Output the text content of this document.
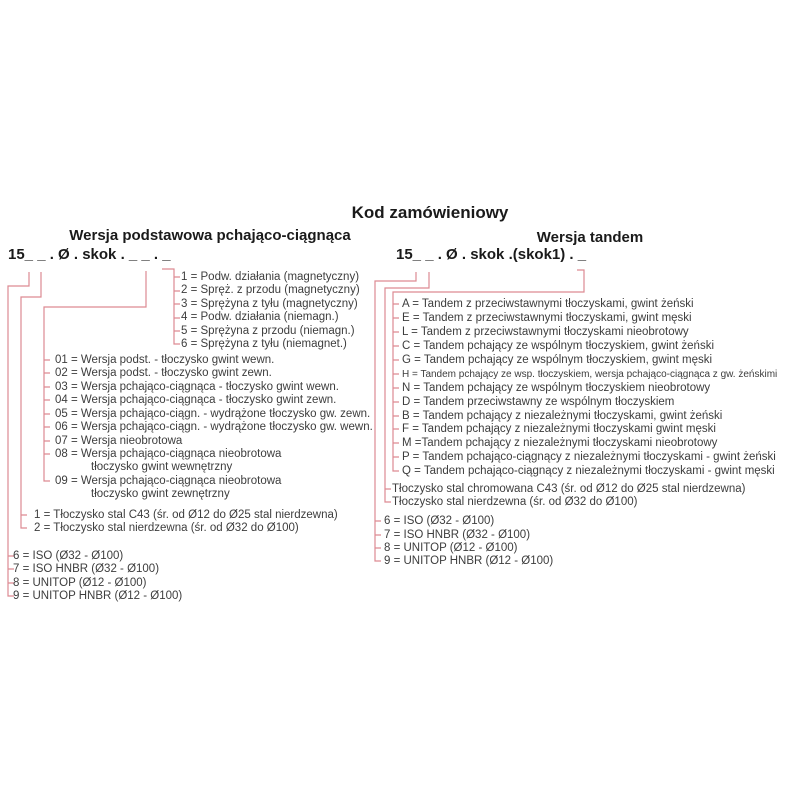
Kod zamówieniowy
Wersja podstawowa pchająco-ciągnąca	Wersja tandem
15_ _ . Ø . skok . _ _ . _	15_ _ . Ø . skok .(skok1) . _
1 = Podw. działania (magnetyczny)
2 = Spręż. z przodu (magnetyczny)
3 = Sprężyna z tyłu (magnetyczny)
4 = Podw. działania (niemagn.)
5 = Sprężyna z przodu (niemagn.)
6 = Sprężyna z tyłu (niemagnet.)
01 = Wersja podst. - tłoczysko gwint wewn.
02 = Wersja podst. - tłoczysko gwint zewn.
03 = Wersja pchająco-ciągnąca - tłoczysko gwint wewn.
04 = Wersja pchająco-ciągnąca - tłoczysko gwint zewn.
05 = Wersja pchająco-ciągn. - wydrążone tłoczysko gw. zewn.
06 = Wersja pchająco-ciągn. - wydrążone tłoczysko gw. wewn.
07 = Wersja nieobrotowa
08 = Wersja pchająco-ciągnąca nieobrotowa
tłoczysko gwint wewnętrzny
09 = Wersja pchająco-ciągnąca nieobrotowa
tłoczysko gwint zewnętrzny
1 = Tłoczysko stal C43 (śr. od Ø12 do Ø25 stal nierdzewna)
2 = Tłoczysko stal nierdzewna (śr. od Ø32 do Ø100)
6 = ISO (Ø32 - Ø100)
7 = ISO HNBR (Ø32 - Ø100)
8 = UNITOP (Ø12 - Ø100)
9 = UNITOP HNBR (Ø12 - Ø100)
A = Tandem z przeciwstawnymi tłoczyskami, gwint żeński
E = Tandem z przeciwstawnymi tłoczyskami, gwint męski
L = Tandem z przeciwstawnymi tłoczyskami nieobrotowy
C = Tandem pchający ze wspólnym tłoczyskiem, gwint żeński
G = Tandem pchający ze wspólnym tłoczyskiem, gwint męski
H = Tandem pchający ze wsp. tłoczyskiem, wersja pchająco-ciągnąca z gw. żeńskimi
N = Tandem pchający ze wspólnym tłoczyskiem nieobrotowy
D = Tandem przeciwstawny ze wspólnym tłoczyskiem
B = Tandem pchający z niezależnymi tłoczyskami, gwint żeński
F = Tandem pchający z niezależnymi tłoczyskami gwint męski
M =Tandem pchający z niezależnymi tłoczyskami nieobrotowy
P = Tandem pchająco-ciągnący z niezależnymi tłoczyskami - gwint żeński
Q = Tandem pchająco-ciągnący z niezależnymi tłoczyskami - gwint męski
Tłoczysko stal chromowana C43 (śr. od Ø12 do Ø25 stal nierdzewna)
Tłoczysko stal nierdzewna (śr. od Ø32 do Ø100)
6 = ISO (Ø32 - Ø100)
7 = ISO HNBR (Ø32 - Ø100)
8 = UNITOP (Ø12 - Ø100)
9 = UNITOP HNBR (Ø12 - Ø100)
